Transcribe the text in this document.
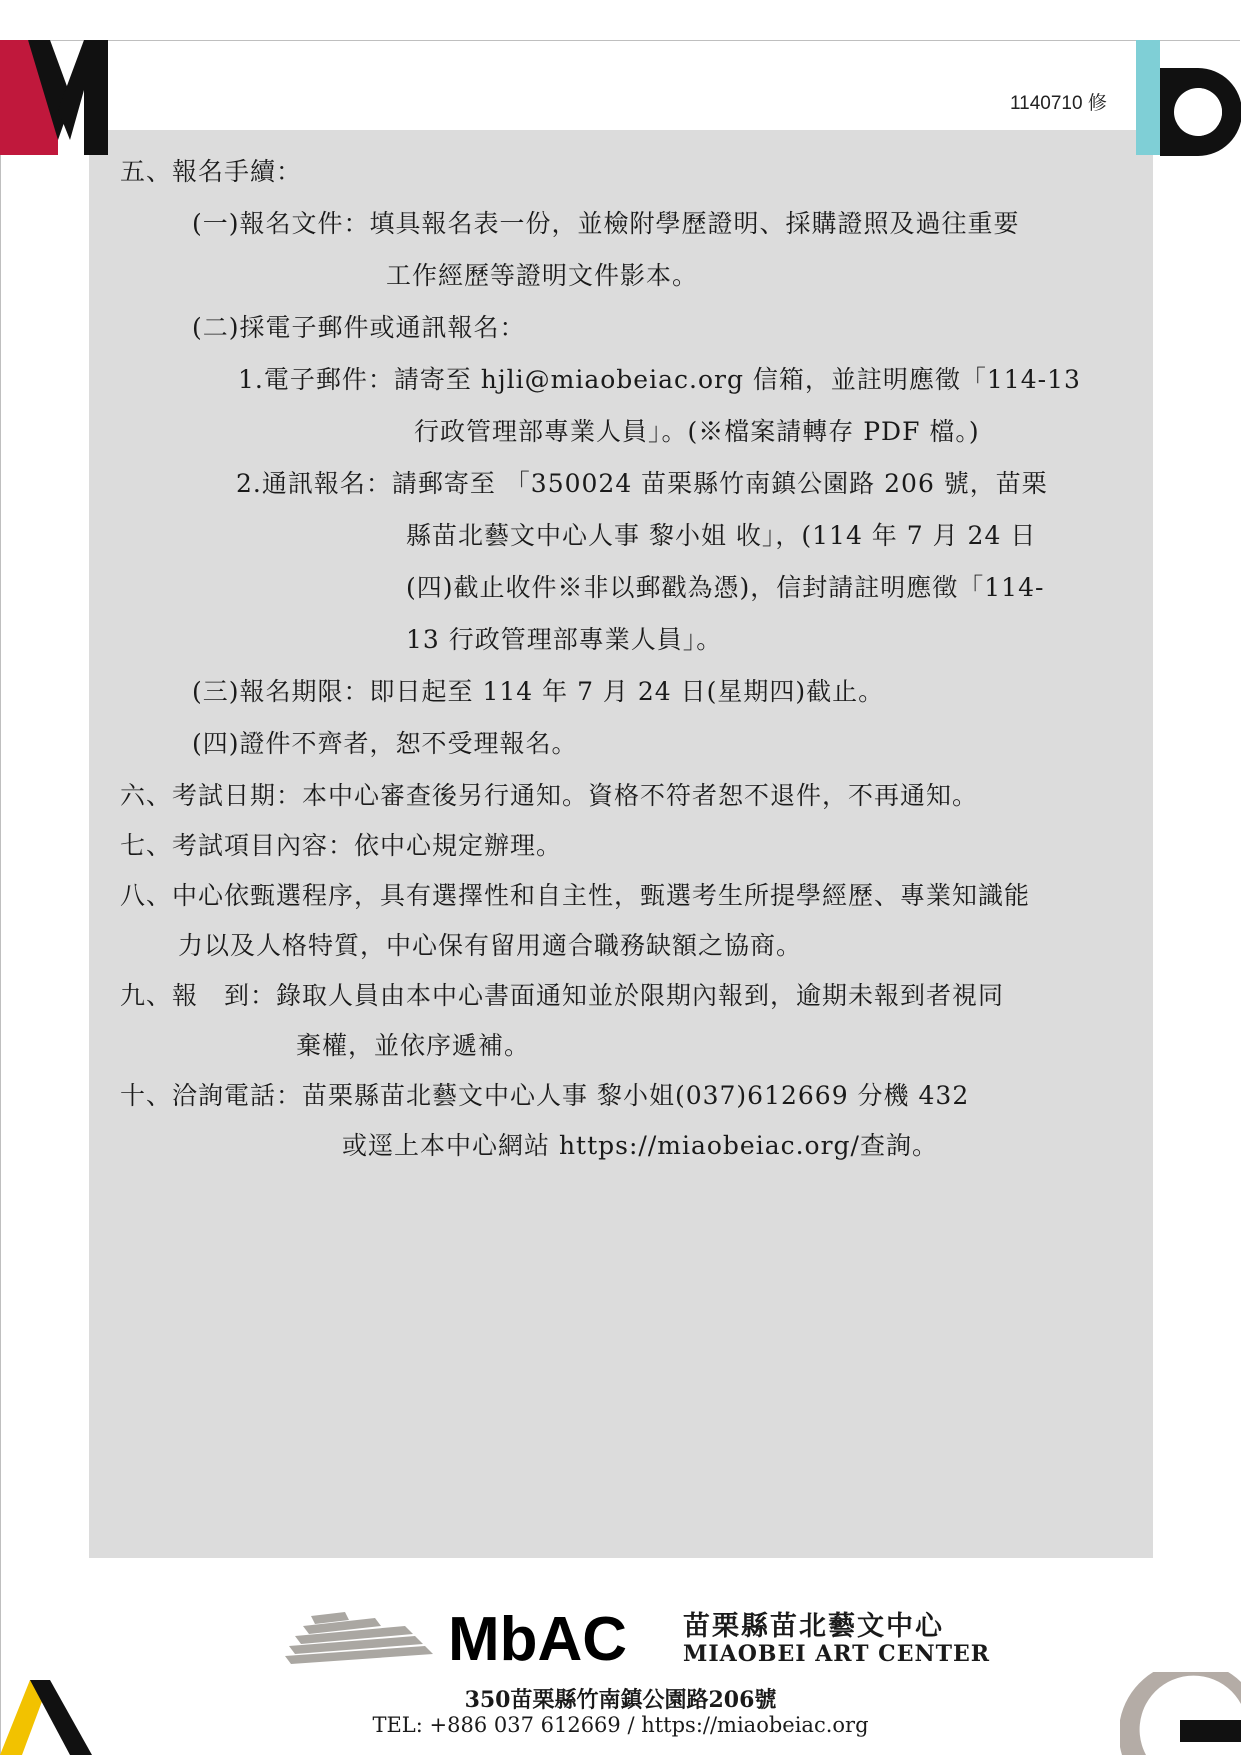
1140710 修
五、報名手續：
(一)報名文件：填具報名表一份，並檢附學歷證明、採購證照及過往重要
工作經歷等證明文件影本。
(二)採電子郵件或通訊報名：
1.電子郵件：請寄至 hjli@miaobeiac.org 信箱，並註明應徵「114-13
行政管理部專業人員」。(※檔案請轉存 PDF 檔。)
2.通訊報名：請郵寄至 「350024 苗栗縣竹南鎮公園路 206 號，苗栗
縣苗北藝文中心人事 黎小姐 收」，(114 年 7 月 24 日
(四)截止收件※非以郵戳為憑)，信封請註明應徵「114-
13 行政管理部專業人員」。
(三)報名期限：即日起至 114 年 7 月 24 日(星期四)截止。
(四)證件不齊者，恕不受理報名。
六、考試日期：本中心審查後另行通知。資格不符者恕不退件，不再通知。
七、考試項目內容：依中心規定辦理。
八、中心依甄選程序，具有選擇性和自主性，甄選考生所提學經歷、專業知識能
力以及人格特質，中心保有留用適合職務缺額之協商。
九、報　到：錄取人員由本中心書面通知並於限期內報到，逾期未報到者視同
棄權，並依序遞補。
十、洽詢電話：苗栗縣苗北藝文中心人事 黎小姐(037)612669 分機 432
或逕上本中心網站 https://miaobeiac.org/查詢。
MbAC 苗栗縣苗北藝文中心
MIAOBEI ART CENTER
350苗栗縣竹南鎮公園路206號
TEL: +886 037 612669 / https://miaobeiac.org
